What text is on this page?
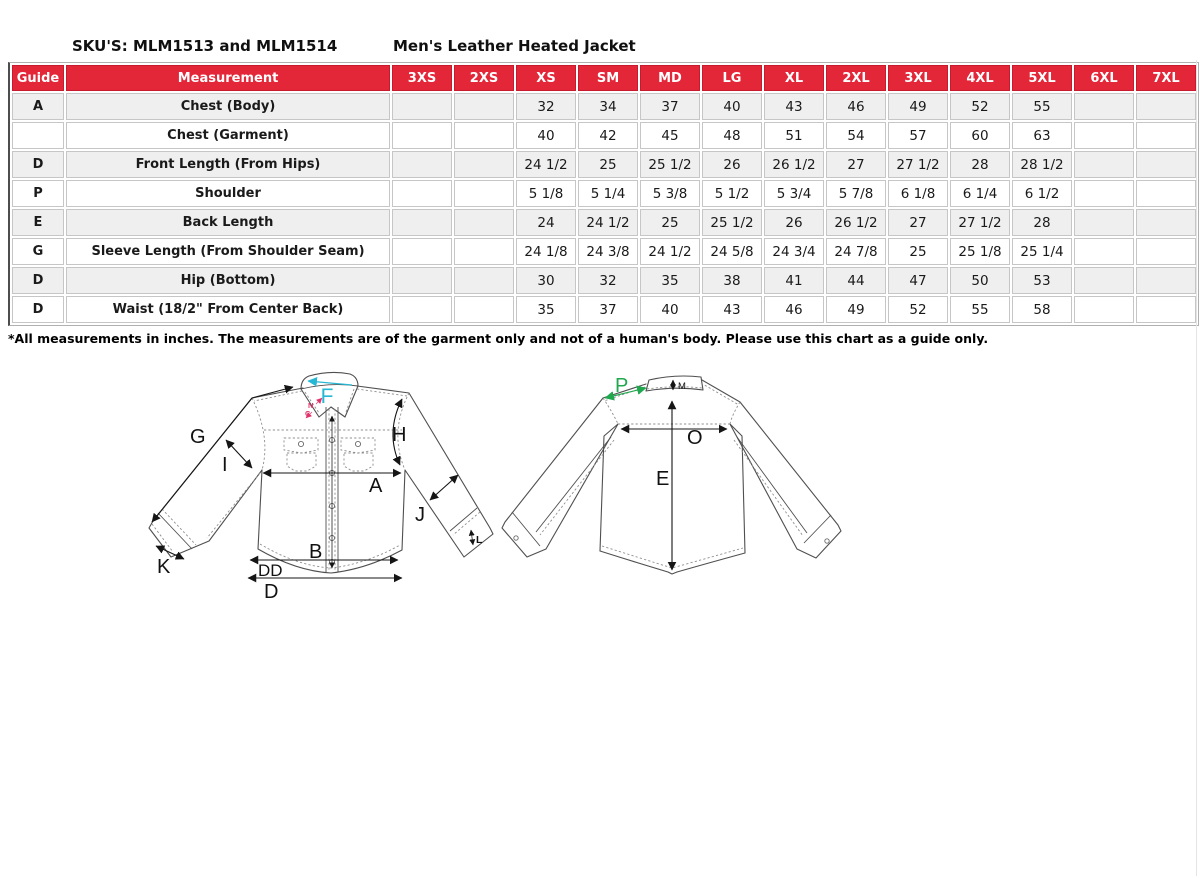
SKU'S: MLM1513 and MLM1514	Men's Leather Heated Jacket
Guide	Measurement	3XS	2XS	XS	SM	MD	LG	XL	2XL	3XL	4XL	5XL	6XL	7XL
A	Chest (Body)			32	34	37	40	43	46	49	52	55		
	Chest (Garment)			40	42	45	48	51	54	57	60	63		
D	Front Length (From Hips)			24 1/2	25	25 1/2	26	26 1/2	27	27 1/2	28	28 1/2		
P	Shoulder			5 1/8	5 1/4	5 3/8	5 1/2	5 3/4	5 7/8	6 1/8	6 1/4	6 1/2		
E	Back Length			24	24 1/2	25	25 1/2	26	26 1/2	27	27 1/2	28		
G	Sleeve Length (From Shoulder Seam)			24 1/8	24 3/8	24 1/2	24 5/8	24 3/4	24 7/8	25	25 1/8	25 1/4		
D	Hip (Bottom)			30	32	35	38	41	44	47	50	53		
D	Waist (18/2" From Center Back)			35	37	40	43	46	49	52	55	58		
*All measurements in inches. The measurements are of the garment only and not of a human's body. Please use this chart as a guide only.
F
G
I
H
A
J
B
K	DD
D
L
N
C
P	M
O
E
